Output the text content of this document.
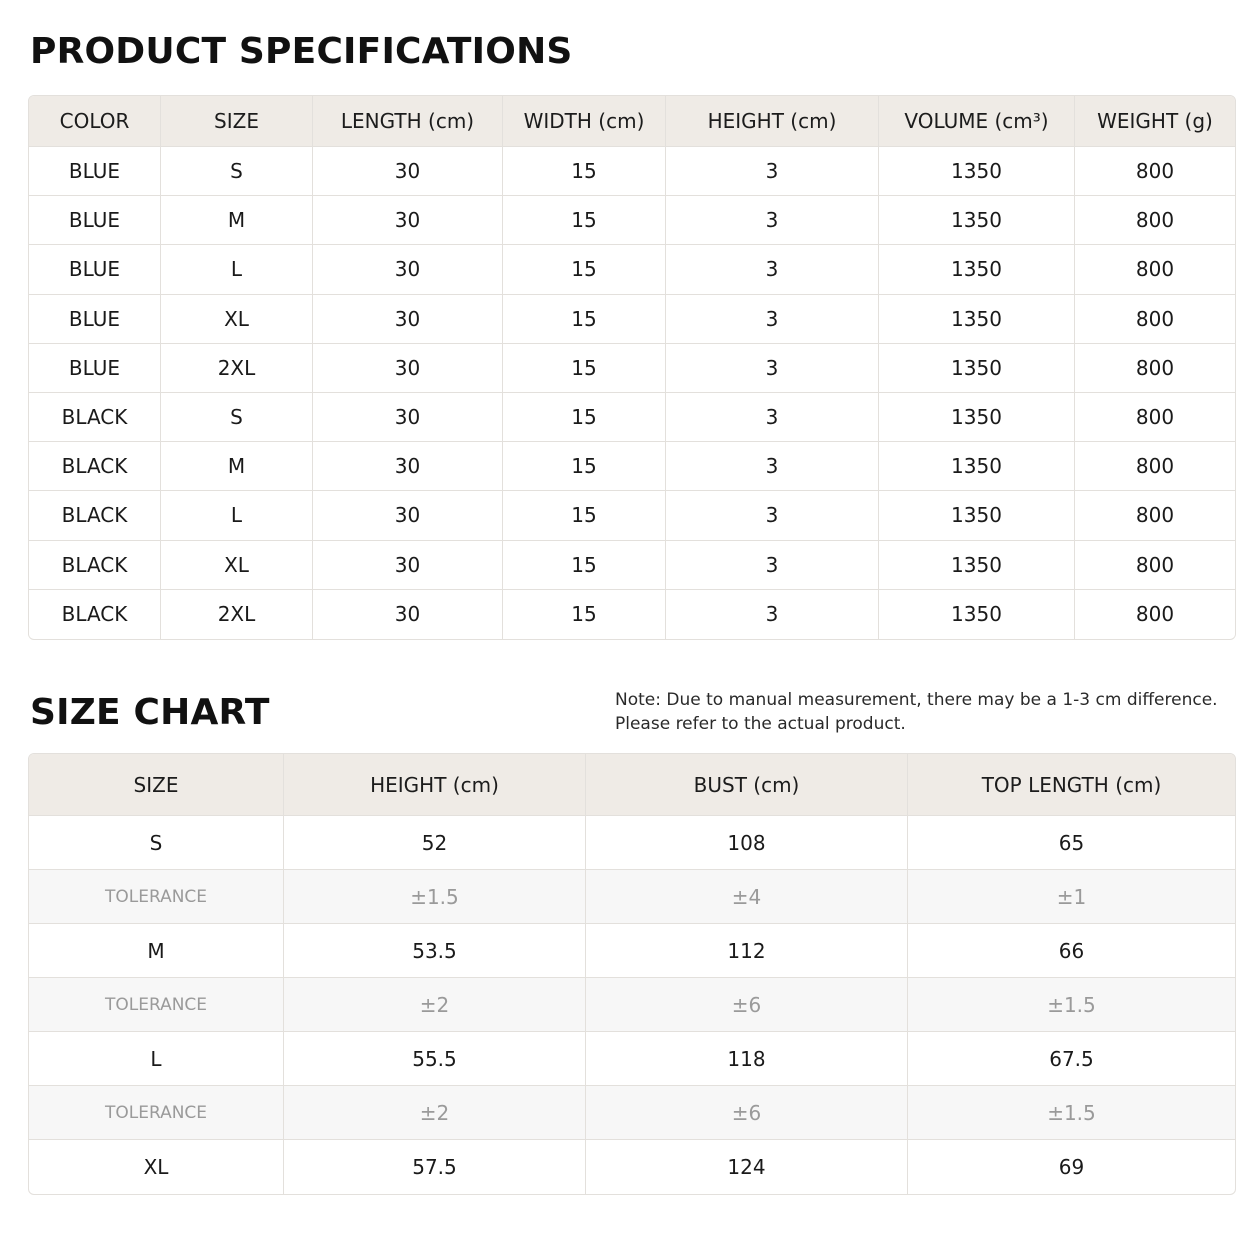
PRODUCT SPECIFICATIONS
COLOR	SIZE	LENGTH (cm)	WIDTH (cm)	HEIGHT (cm)	VOLUME (cm³)	WEIGHT (g)
BLUE	S	30	15	3	1350	800
BLUE	M	30	15	3	1350	800
BLUE	L	30	15	3	1350	800
BLUE	XL	30	15	3	1350	800
BLUE	2XL	30	15	3	1350	800
BLACK	S	30	15	3	1350	800
BLACK	M	30	15	3	1350	800
BLACK	L	30	15	3	1350	800
BLACK	XL	30	15	3	1350	800
BLACK	2XL	30	15	3	1350	800
SIZE CHART	Note: Due to manual measurement, there may be a 1-3 cm difference.
Please refer to the actual product.
SIZE	HEIGHT (cm)	BUST (cm)	TOP LENGTH (cm)
S	52	108	65
TOLERANCE	±1.5	±4	±1
M	53.5	112	66
TOLERANCE	±2	±6	±1.5
L	55.5	118	67.5
TOLERANCE	±2	±6	±1.5
XL	57.5	124	69
